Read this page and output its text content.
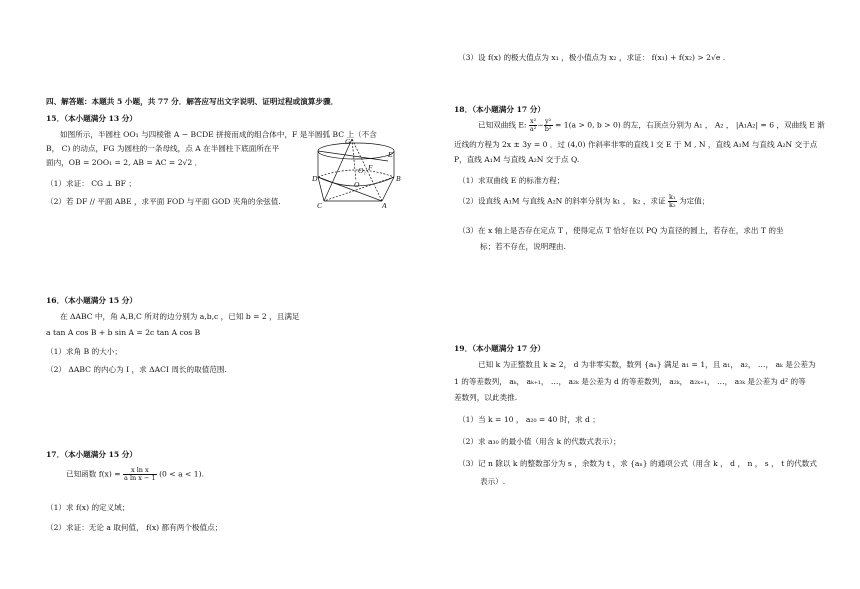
四、解答题：本题共 5 小题，共 77 分．解答应写出文字说明、证明过程或演算步骤．
15．（本小题满分 13 分）
如图所示，半圆柱 OO₁ 与四棱锥 A − BCDE 拼接而成的组合体中，F 是半圆弧 BC 上（不含
B， C) 的动点，FG 为圆柱的一条母线，点 A 在半圆柱下底面所在平
面内，OB = 2OO₁ = 2, AB = AC = 2√2 ．
（1）求证： CG ⊥ BF ；
（2）若 DF // 平面 ABE ，求平面 FOD 与平面 GOD 夹角的余弦值.
G
E
F
D
O₁
O
B
C	A
16．（本小题满分 15 分）
在 ΔABC 中，角 A,B,C 所对的边分别为 a,b,c ，已知 b = 2 ，且满足
a tan A cos B + b sin A = 2c tan A cos B
（1）求角 B 的大小；
（2） ΔABC 的内心为 I ，求 ΔACI 周长的取值范围.
17．（本小题满分 15 分）
已知函数 $f(x) = \frac{\text{x ln x}}{\text{a ln x − 1}} (0 < a < 1)$.
（1）求 f(x) 的定义域；
（2）求证：无论 a 取何值， f(x) 都有两个极值点；
（3）设 f(x) 的极大值点为 x₁ ，极小值点为 x₂ ，求证： f(x₁) + f(x₂) > 2√e .
18．（本小题满分 17 分）
已知双曲线 E: $\frac{\text{x²}}{\text{a²}} - \frac{\text{y²}}{\text{b²}} = 1(a > 0$, b > 0) 的左，右顶点分别为 A₁ ， A₂ ， |A₁A₂| = 6 ，双曲线 E 渐
近线的方程为 2x ± 3y = 0 ．过 (4,0) 作斜率非零的直线 l 交 E 于 M , N ，直线 A₁M 与直线 A₂N 交于点
P，直线 A₁M 与直线 A₂N 交于点 Q.
（1）求双曲线 E 的标准方程；
（2）设直线 A₁M 与直线 A₂N 的斜率分别为 k₁ ， k₂ ，求证 $\frac{\text{k₁}}{\text{k₂}}$ 为定值；
（3）在 x 轴上是否存在定点 T ，使得定点 T 恰好在以 PQ 为直径的圆上，若存在，求出 T 的坐
标；若不存在，说明理由.
19．（本小题满分 17 分）
已知 k 为正整数且 k ≥ 2， d 为非零实数，数列 {aₙ} 满足 a₁ = 1，且 a₁， a₂， …， aₖ 是公差为
1 的等差数列， aₖ， aₖ₊₁， …， a₂ₖ 是公差为 d 的等差数列， a₂ₖ， a₂ₖ₊₁， …， a₃ₖ 是公差为 d² 的等
差数列，以此类推.
（1）当 k = 10 ， a₂₀ = 40 时，求 d ；
（2）求 a₃₀ 的最小值（用含 k 的代数式表示）；
（3）记 n 除以 k 的整数部分为 s ，余数为 t ，求 {aₙ} 的通项公式（用含 k ， d ， n ， s ， t 的代数式
表示）.
